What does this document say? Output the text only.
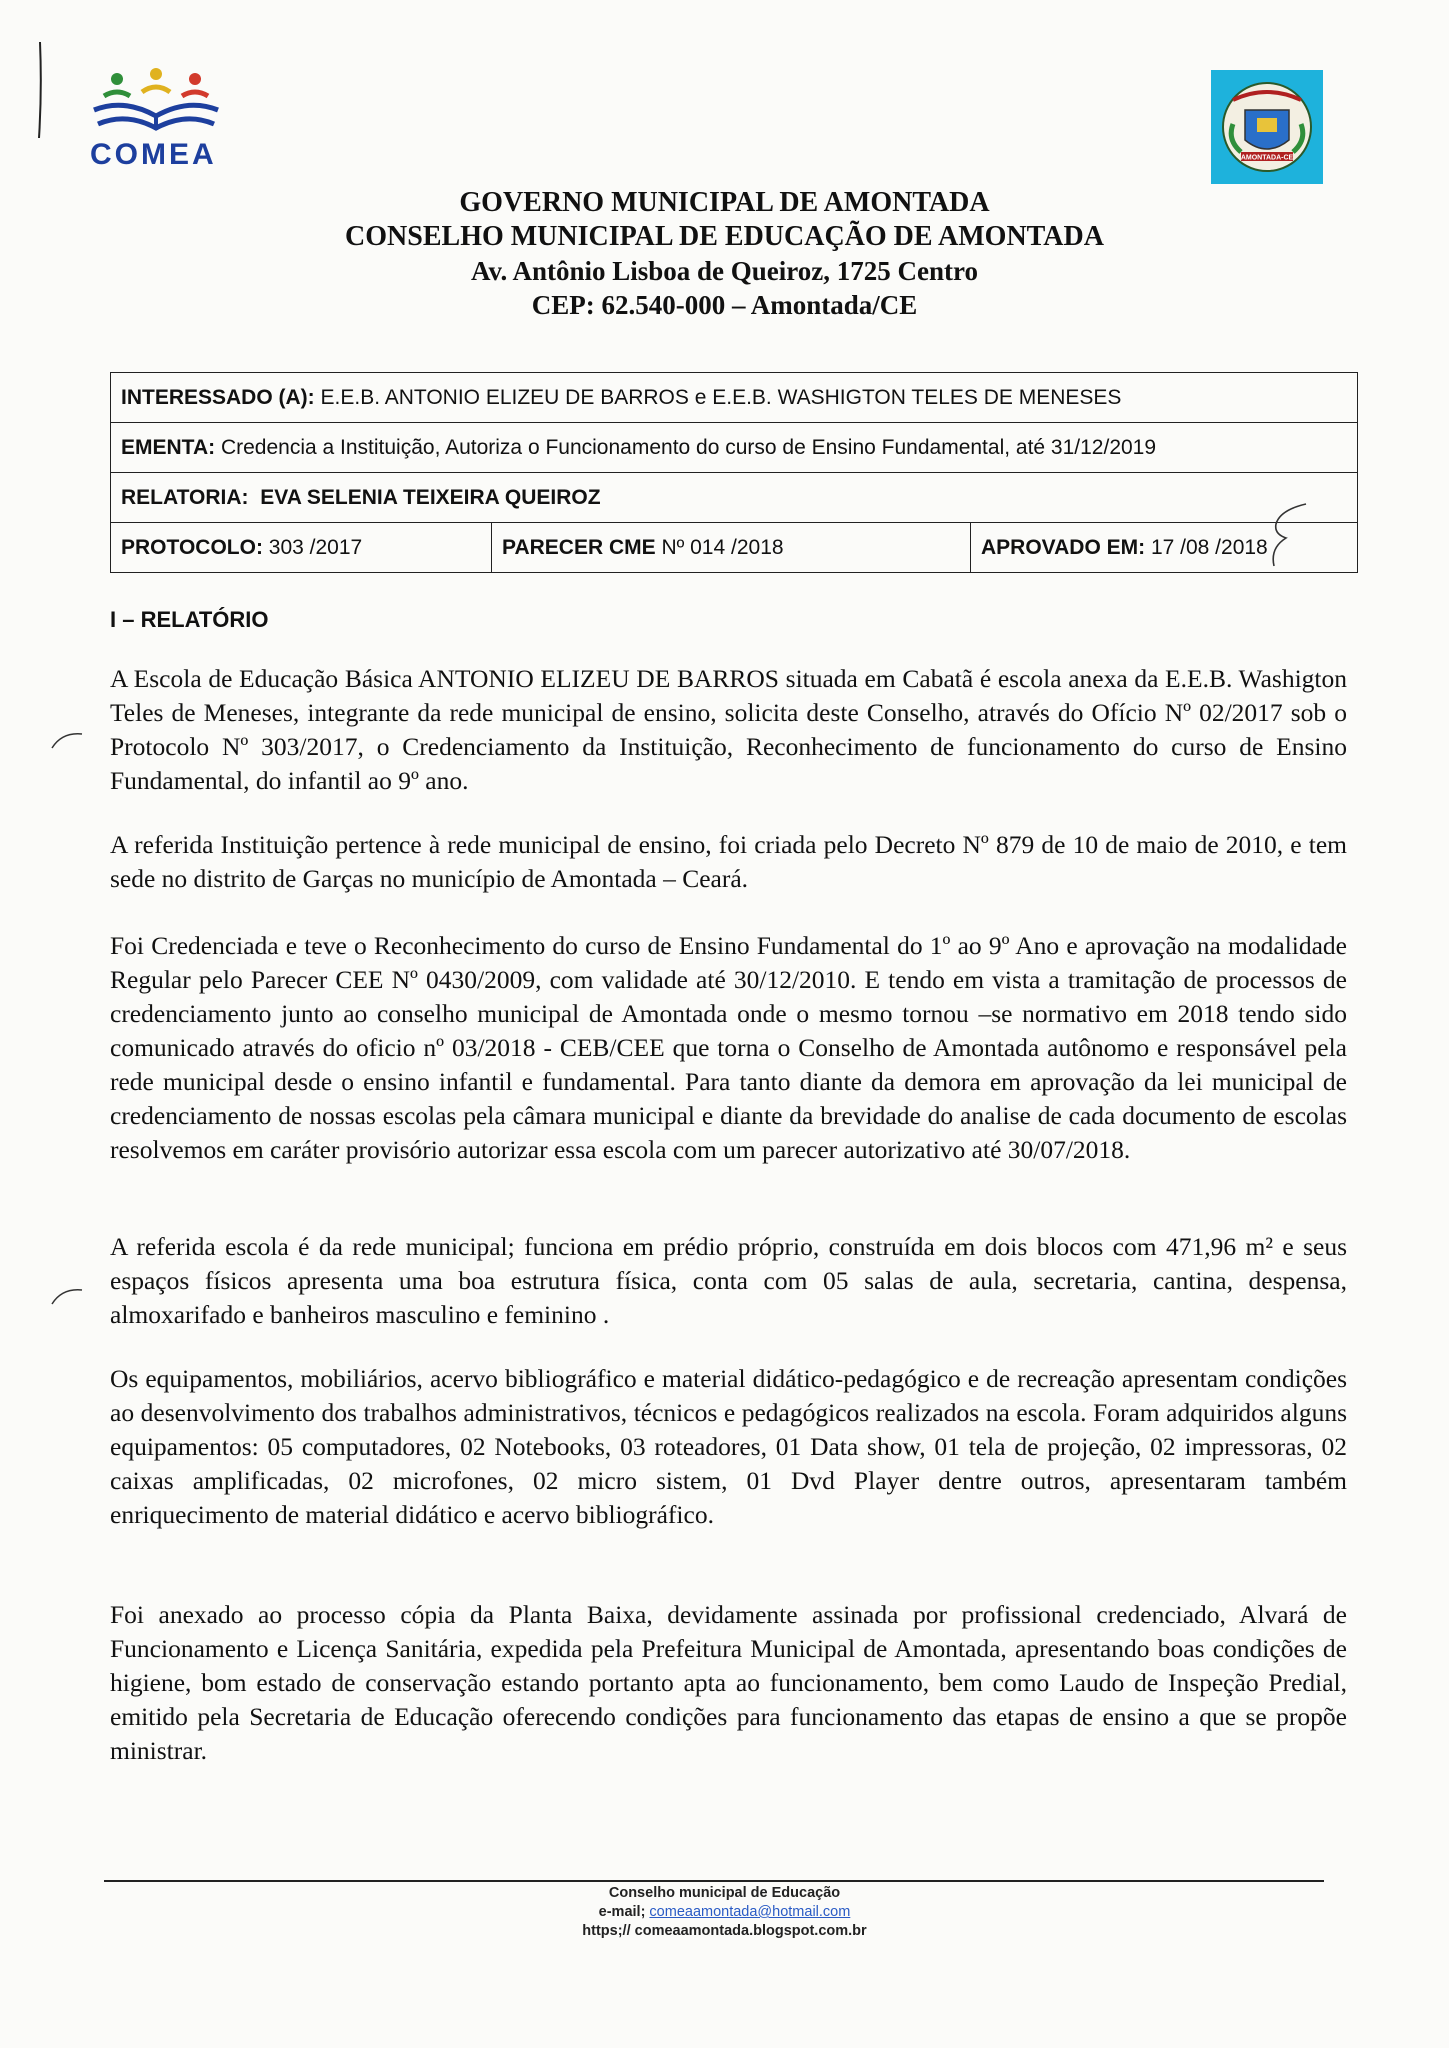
COMEA	AMONTADA-CE
GOVERNO MUNICIPAL DE AMONTADA
CONSELHO MUNICIPAL DE EDUCAÇÃO DE AMONTADA
Av. Antônio Lisboa de Queiroz, 1725 Centro
CEP: 62.540-000 – Amontada/CE
INTERESSADO (A): E.E.B. ANTONIO ELIZEU DE BARROS e E.E.B. WASHIGTON TELES DE MENESES
EMENTA: Credencia a Instituição, Autoriza o Funcionamento do curso de Ensino Fundamental, até 31/12/2019
RELATORIA: EVA SELENIA TEIXEIRA QUEIROZ
PROTOCOLO: 303 /2017	PARECER CME Nº 014 /2018	APROVADO EM: 17 /08 /2018
I – RELATÓRIO

A Escola de Educação Básica ANTONIO ELIZEU DE BARROS situada em Cabatã é escola anexa da E.E.B. Washigton Teles de Meneses, integrante da rede municipal de ensino, solicita deste Conselho, através do Ofício Nº 02/2017 sob o Protocolo Nº 303/2017, o Credenciamento da Instituição, Reconhecimento de funcionamento do curso de Ensino Fundamental, do infantil ao 9º ano.

A referida Instituição pertence à rede municipal de ensino, foi criada pelo Decreto Nº 879 de 10 de maio de 2010, e tem sede no distrito de Garças no município de Amontada – Ceará.

Foi Credenciada e teve o Reconhecimento do curso de Ensino Fundamental do 1º ao 9º Ano e aprovação na modalidade Regular pelo Parecer CEE Nº 0430/2009, com validade até 30/12/2010. E tendo em vista a tramitação de processos de credenciamento junto ao conselho municipal de Amontada onde o mesmo tornou –se normativo em 2018 tendo sido comunicado através do oficio nº 03/2018 - CEB/CEE que torna o Conselho de Amontada autônomo e responsável pela rede municipal desde o ensino infantil e fundamental. Para tanto diante da demora em aprovação da lei municipal de credenciamento de nossas escolas pela câmara municipal e diante da brevidade do analise de cada documento de escolas resolvemos em caráter provisório autorizar essa escola com um parecer autorizativo até 30/07/2018.

A referida escola é da rede municipal; funciona em prédio próprio, construída em dois blocos com 471,96 m² e seus espaços físicos apresenta uma boa estrutura física, conta com 05 salas de aula, secretaria, cantina, despensa, almoxarifado e banheiros masculino e feminino .

Os equipamentos, mobiliários, acervo bibliográfico e material didático-pedagógico e de recreação apresentam condições ao desenvolvimento dos trabalhos administrativos, técnicos e pedagógicos realizados na escola. Foram adquiridos alguns equipamentos: 05 computadores, 02 Notebooks, 03 roteadores, 01 Data show, 01 tela de projeção, 02 impressoras, 02 caixas amplificadas, 02 microfones, 02 micro sistem, 01 Dvd Player dentre outros, apresentaram também enriquecimento de material didático e acervo bibliográfico.

Foi anexado ao processo cópia da Planta Baixa, devidamente assinada por profissional credenciado, Alvará de Funcionamento e Licença Sanitária, expedida pela Prefeitura Municipal de Amontada, apresentando boas condições de higiene, bom estado de conservação estando portanto apta ao funcionamento, bem como Laudo de Inspeção Predial, emitido pela Secretaria de Educação oferecendo condições para funcionamento das etapas de ensino a que se propõe ministrar.

Conselho municipal de Educação
e-mail; comeaamontada@hotmail.com
https;// comeaamontada.blogspot.com.br
